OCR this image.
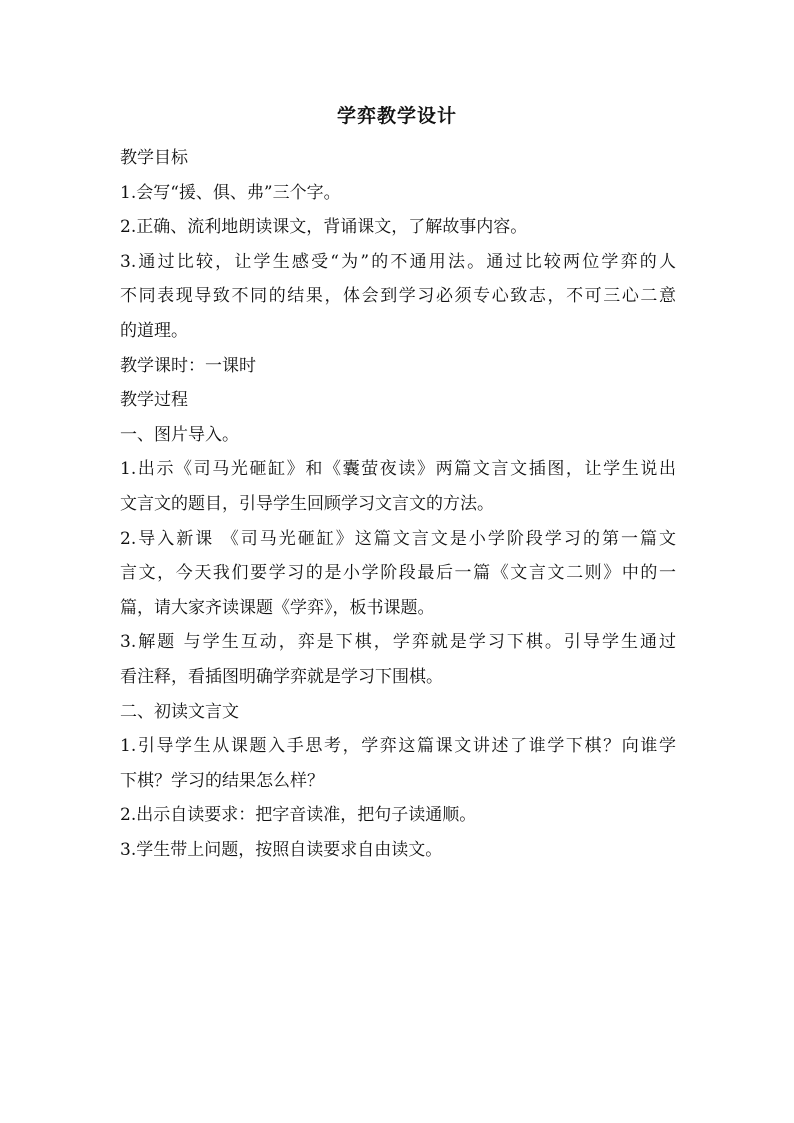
学弈教学设计
教学目标
1.会写“援、俱、弗”三个字。
2.正确、流利地朗读课文，背诵课文，了解故事内容。
3.通过比较，让学生感受“为”的不通用法。通过比较两位学弈的人
不同表现导致不同的结果，体会到学习必须专心致志，不可三心二意
的道理。
教学课时：一课时
教学过程
一、图片导入。
1.出示《司马光砸缸》和《囊萤夜读》两篇文言文插图，让学生说出
文言文的题目，引导学生回顾学习文言文的方法。
2.导入新课 《司马光砸缸》这篇文言文是小学阶段学习的第一篇文
言文，今天我们要学习的是小学阶段最后一篇《文言文二则》中的一
篇，请大家齐读课题《学弈》，板书课题。
3.解题 与学生互动，弈是下棋，学弈就是学习下棋。引导学生通过
看注释，看插图明确学弈就是学习下围棋。
二、初读文言文
1.引导学生从课题入手思考，学弈这篇课文讲述了谁学下棋？向谁学
下棋？学习的结果怎么样？
2.出示自读要求：把字音读准，把句子读通顺。
3.学生带上问题，按照自读要求自由读文。
